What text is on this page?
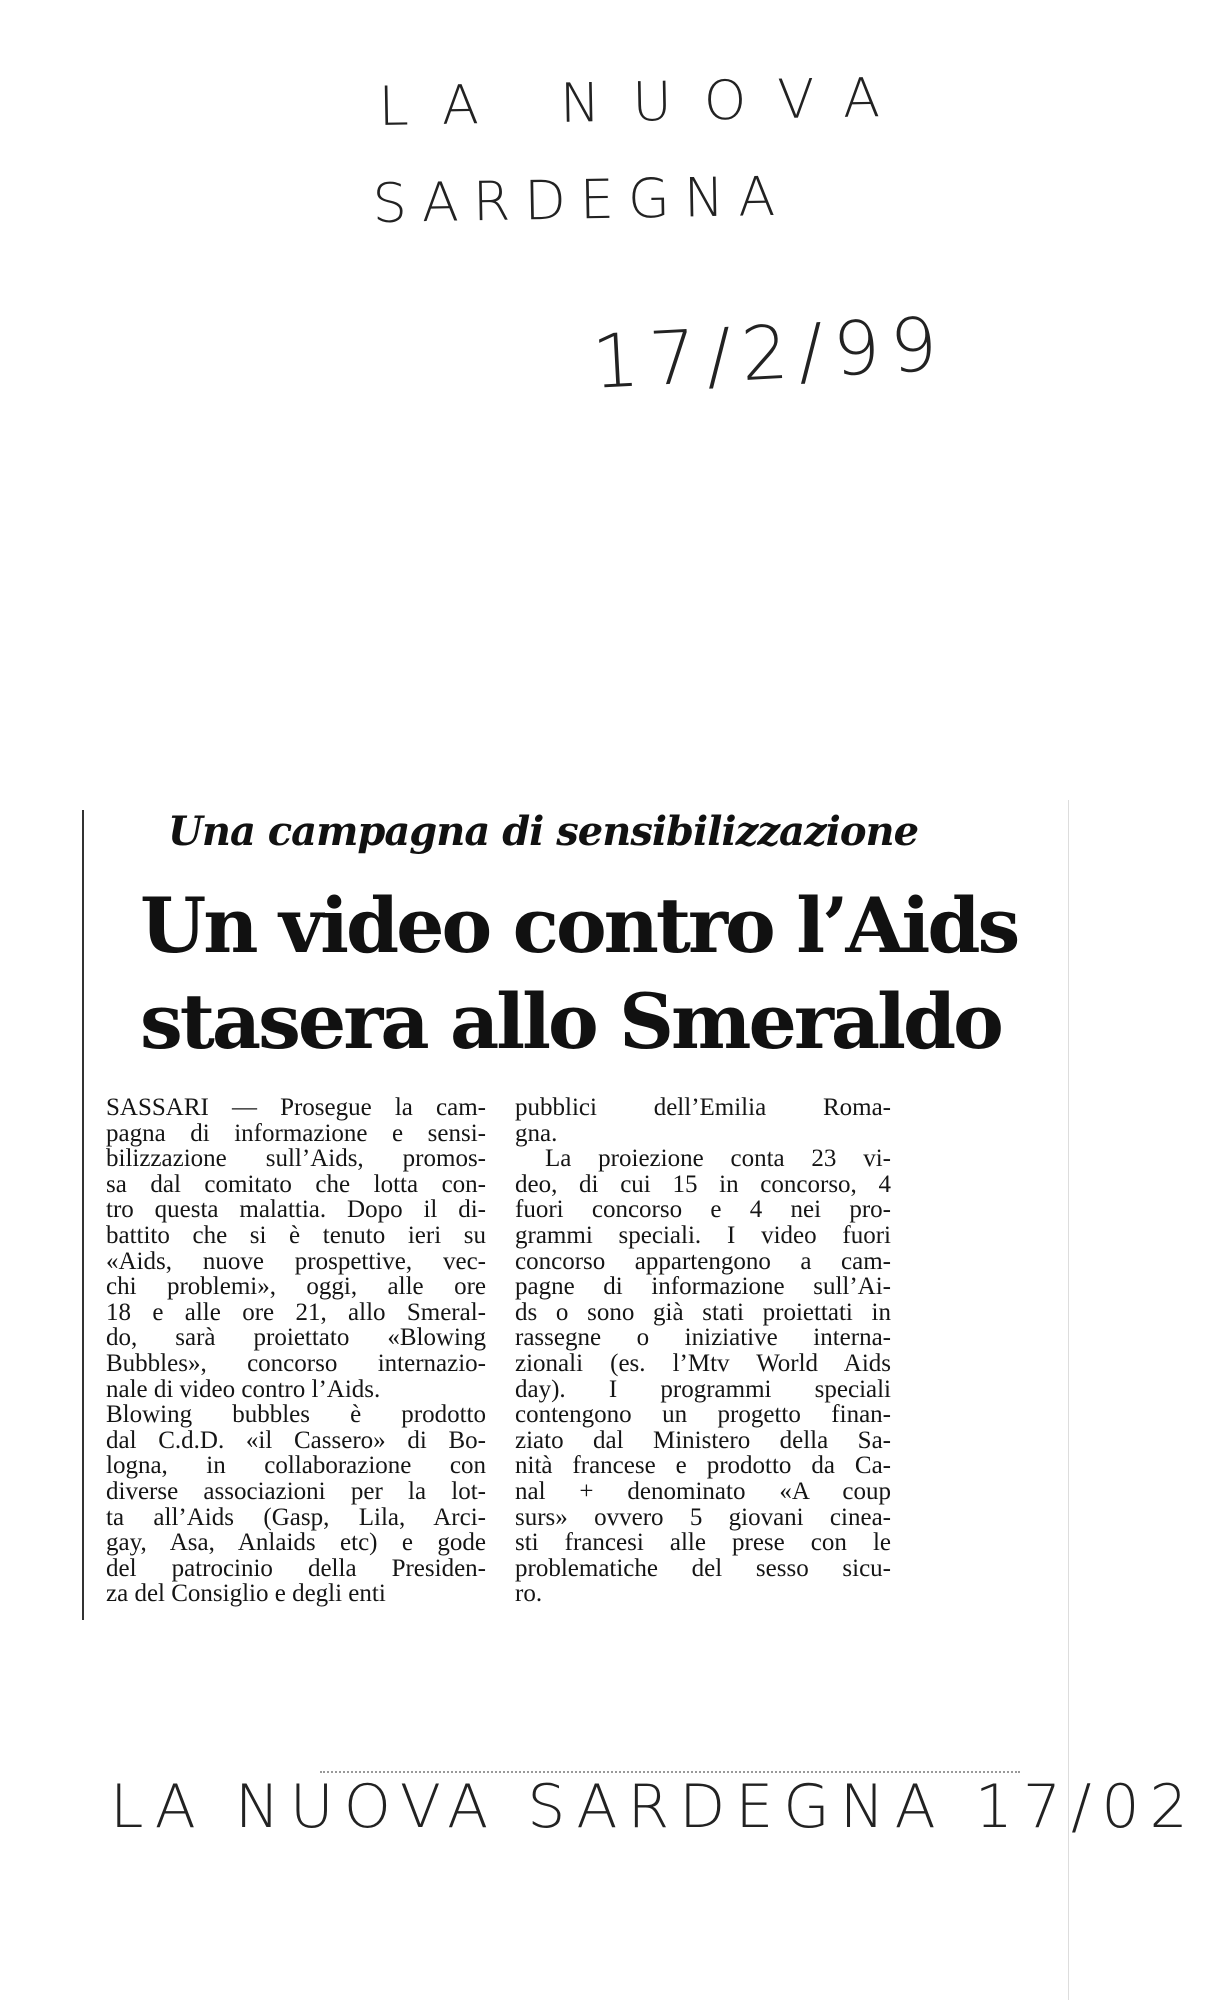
LA NUOVA
SARDEGNA
17/2/99
Una campagna di sensibilizzazione
Un video contro l’Aids
stasera allo Smeraldo
SASSARI — Prosegue la cam-
pagna di informazione e sensi-
bilizzazione sull’Aids, promos-
sa dal comitato che lotta con-
tro questa malattia. Dopo il di-
battito che si è tenuto ieri su
«Aids, nuove prospettive, vec-
chi problemi», oggi, alle ore
18 e alle ore 21, allo Smeral-
do, sarà proiettato «Blowing
Bubbles», concorso internazio-
nale di video contro l’Aids.
Blowing bubbles è prodotto
dal C.d.D. «il Cassero» di Bo-
logna, in collaborazione con
diverse associazioni per la lot-
ta all’Aids (Gasp, Lila, Arci-
gay, Asa, Anlaids etc) e gode
del patrocinio della Presiden-
za del Consiglio e degli enti
pubblici dell’Emilia Roma-
gna.
La proiezione conta 23 vi-
deo, di cui 15 in concorso, 4
fuori concorso e 4 nei pro-
grammi speciali. I video fuori
concorso appartengono a cam-
pagne di informazione sull’Ai-
ds o sono già stati proiettati in
rassegne o iniziative interna-
zionali (es. l’Mtv World Aids
day). I programmi speciali
contengono un progetto finan-
ziato dal Ministero della Sa-
nità francese e prodotto da Ca-
nal + denominato «A coup
surs» ovvero 5 giovani cinea-
sti francesi alle prese con le
problematiche del sesso sicu-
ro.
LA NUOVA SARDEGNA 17/02
